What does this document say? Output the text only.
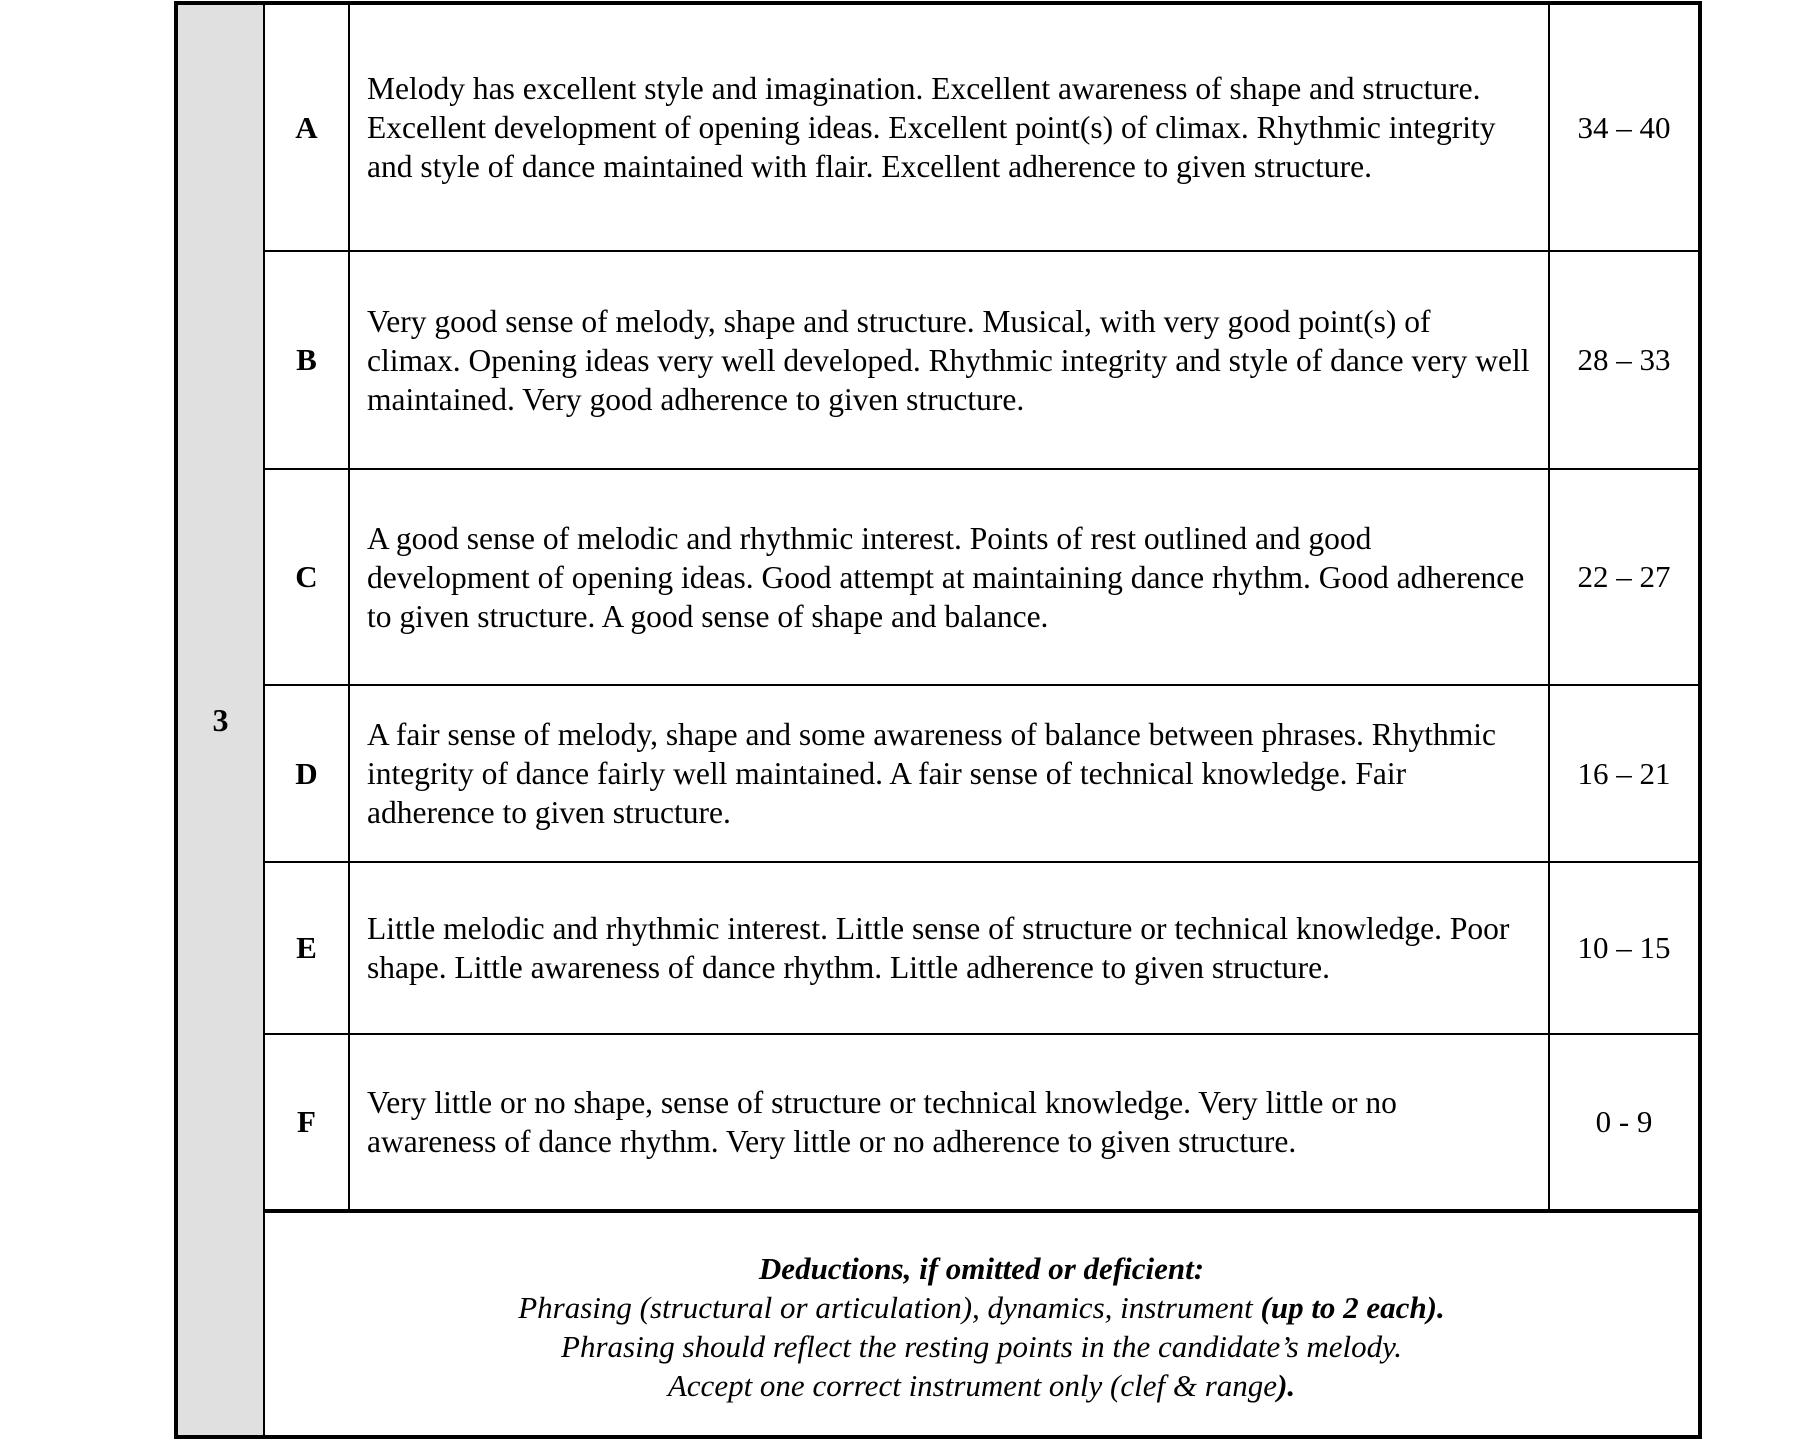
3
A
Melody has excellent style and imagination. Excellent awareness of shape and structure. Excellent development of opening ideas. Excellent point(s) of climax. Rhythmic integrity and style of dance maintained with flair. Excellent adherence to given structure.
34 – 40
B
Very good sense of melody, shape and structure. Musical, with very good point(s) of climax. Opening ideas very well developed. Rhythmic integrity and style of dance very well maintained. Very good adherence to given structure.
28 – 33
C
A good sense of melodic and rhythmic interest. Points of rest outlined and good development of opening ideas. Good attempt at maintaining dance rhythm. Good adherence to given structure. A good sense of shape and balance.
22 – 27
D
A fair sense of melody, shape and some awareness of balance between phrases. Rhythmic integrity of dance fairly well maintained. A fair sense of technical knowledge. Fair adherence to given structure.
16 – 21
E
Little melodic and rhythmic interest. Little sense of structure or technical knowledge. Poor shape. Little awareness of dance rhythm. Little adherence to given structure.
10 – 15
F
Very little or no shape, sense of structure or technical knowledge. Very little or no awareness of dance rhythm. Very little or no adherence to given structure.
0 - 9
Deductions, if omitted or deficient:
Phrasing (structural or articulation), dynamics, instrument (up to 2 each).
Phrasing should reflect the resting points in the candidate’s melody.
Accept one correct instrument only (clef & range).
